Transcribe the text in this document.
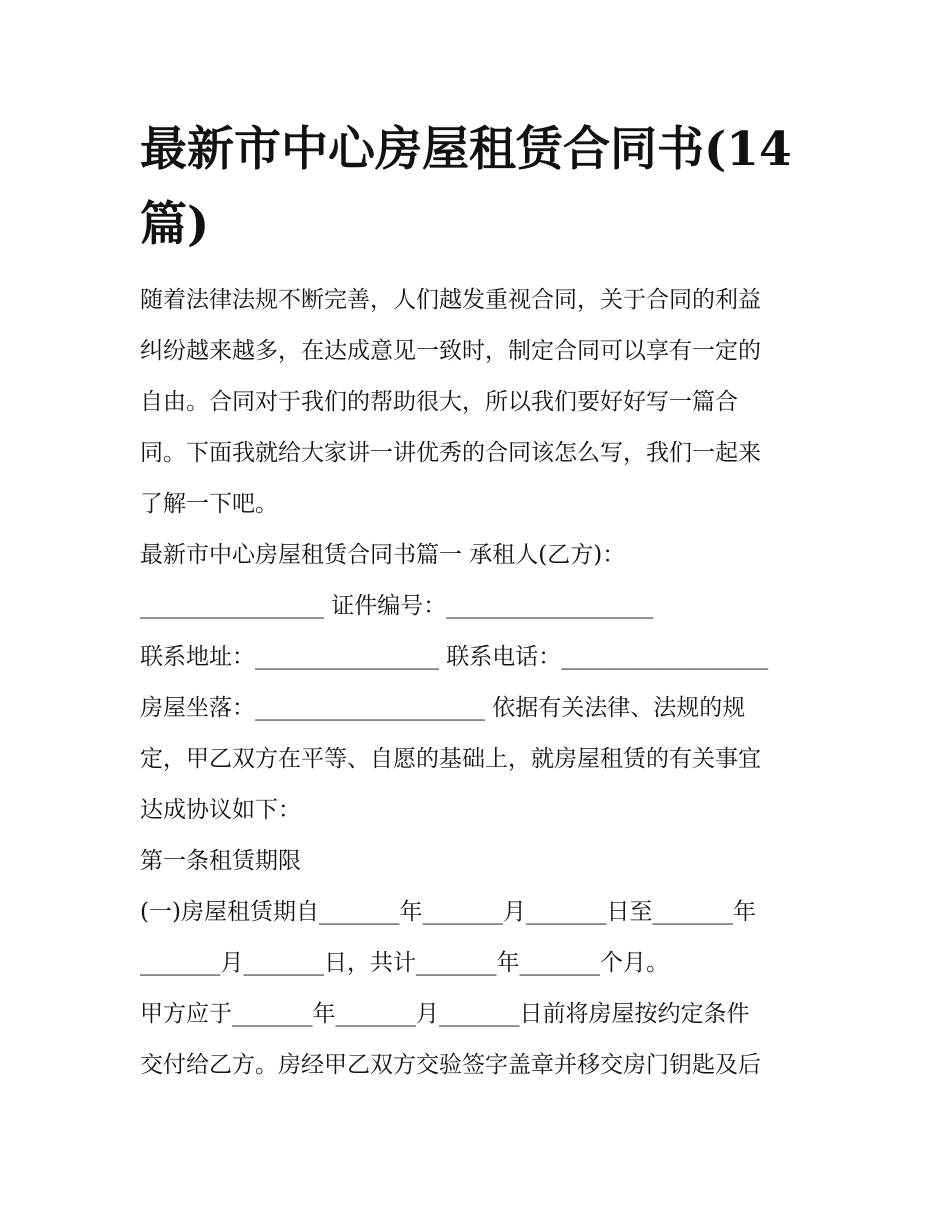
最新市中心房屋租赁合同书(14篇)
随着法律法规不断完善，人们越发重视合同，关于合同的利益
纠纷越来越多，在达成意见一致时，制定合同可以享有一定的
自由。合同对于我们的帮助很大，所以我们要好好写一篇合
同。下面我就给大家讲一讲优秀的合同该怎么写，我们一起来
了解一下吧。
最新市中心房屋租赁合同书篇一 承租人(乙方)：
________________ 证件编号：__________________
联系地址：________________ 联系电话：__________________
房屋坐落：____________________ 依据有关法律、法规的规
定，甲乙双方在平等、自愿的基础上，就房屋租赁的有关事宜
达成协议如下：
第一条租赁期限
(一)房屋租赁期自_______年_______月_______日至_______年
_______月_______日，共计_______年_______个月。
甲方应于_______年_______月_______日前将房屋按约定条件
交付给乙方。房经甲乙双方交验签字盖章并移交房门钥匙及后
